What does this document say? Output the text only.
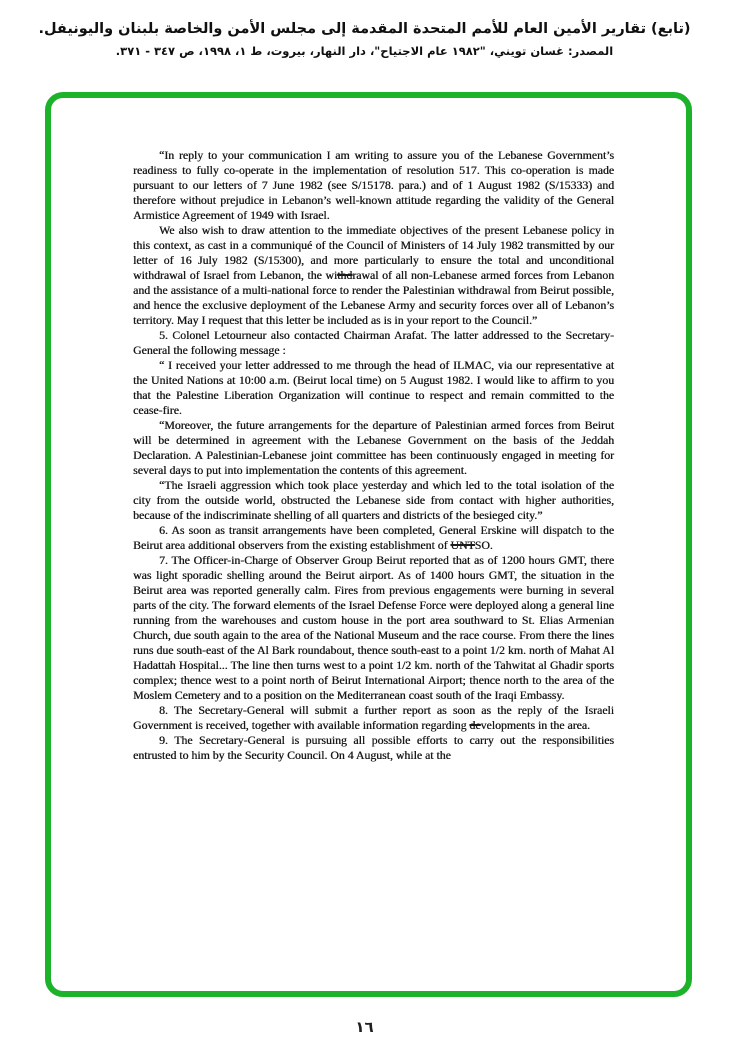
(تابع) تقارير الأمين العام للأمم المتحدة المقدمة إلى مجلس الأمن والخاصة بلبنان واليونيفل.
المصدر: غسان تويني، "١٩٨٢ عام الاجتياح"، دار النهار، بيروت، ط ١، ١٩٩٨، ص ٣٤٧ - ٣٧١.

“In reply to your communication I am writing to assure you of the Lebanese Government’s readiness to fully co-operate in the implementation of resolution 517. This co-operation is made pursuant to our letters of 7 June 1982 (see S/15178. para.) and of 1 August 1982 (S/15333) and therefore without prejudice in Lebanon’s well-known attitude regarding the validity of the General Armistice Agreement of 1949 with Israel.

We also wish to draw attention to the immediate objectives of the present Lebanese policy in this context, as cast in a communiqué of the Council of Ministers of 14 July 1982 transmitted by our letter of 16 July 1982 (S/15300), and more particularly to ensure the total and unconditional withdrawal of Israel from Lebanon, the withdrawal of all non-Lebanese armed forces from Lebanon and the assistance of a multi-national force to render the Palestinian withdrawal from Beirut possible, and hence the exclusive deployment of the Lebanese Army and security forces over all of Lebanon’s territory. May I request that this letter be included as is in your report to the Council.”

5. Colonel Letourneur also contacted Chairman Arafat. The latter addressed to the Secretary-General the following message :

“ I received your letter addressed to me through the head of ILMAC, via our representative at the United Nations at 10:00 a.m. (Beirut local time) on 5 August 1982. I would like to affirm to you that the Palestine Liberation Organization will continue to respect and remain committed to the cease-fire.

“Moreover, the future arrangements for the departure of Palestinian armed forces from Beirut will be determined in agreement with the Lebanese Government on the basis of the Jeddah Declaration. A Palestinian-Lebanese joint committee has been continuously engaged in meeting for several days to put into implementation the contents of this agreement.

“The Israeli aggression which took place yesterday and which led to the total isolation of the city from the outside world, obstructed the Lebanese side from contact with higher authorities, because of the indiscriminate shelling of all quarters and districts of the besieged city.”

6. As soon as transit arrangements have been completed, General Erskine will dispatch to the Beirut area additional observers from the existing establishment of UNTSO.

7. The Officer-in-Charge of Observer Group Beirut reported that as of 1200 hours GMT, there was light sporadic shelling around the Beirut airport. As of 1400 hours GMT, the situation in the Beirut area was reported generally calm. Fires from previous engagements were burning in several parts of the city. The forward elements of the Israel Defense Force were deployed along a general line running from the warehouses and custom house in the port area southward to St. Elias Armenian Church, due south again to the area of the National Museum and the race course. From there the lines runs due south-east of the Al Bark roundabout, thence south-east to a point 1/2 km. north of Mahat Al Hadattah Hospital... The line then turns west to a point 1/2 km. north of the Tahwitat al Ghadir sports complex; thence west to a point north of Beirut International Airport; thence north to the area of the Moslem Cemetery and to a position on the Mediterranean coast south of the Iraqi Embassy.

8. The Secretary-General will submit a further report as soon as the reply of the Israeli Government is received, together with available information regarding developments in the area.

9. The Secretary-General is pursuing all possible efforts to carry out the responsibilities entrusted to him by the Security Council. On 4 August, while at the

١٦
